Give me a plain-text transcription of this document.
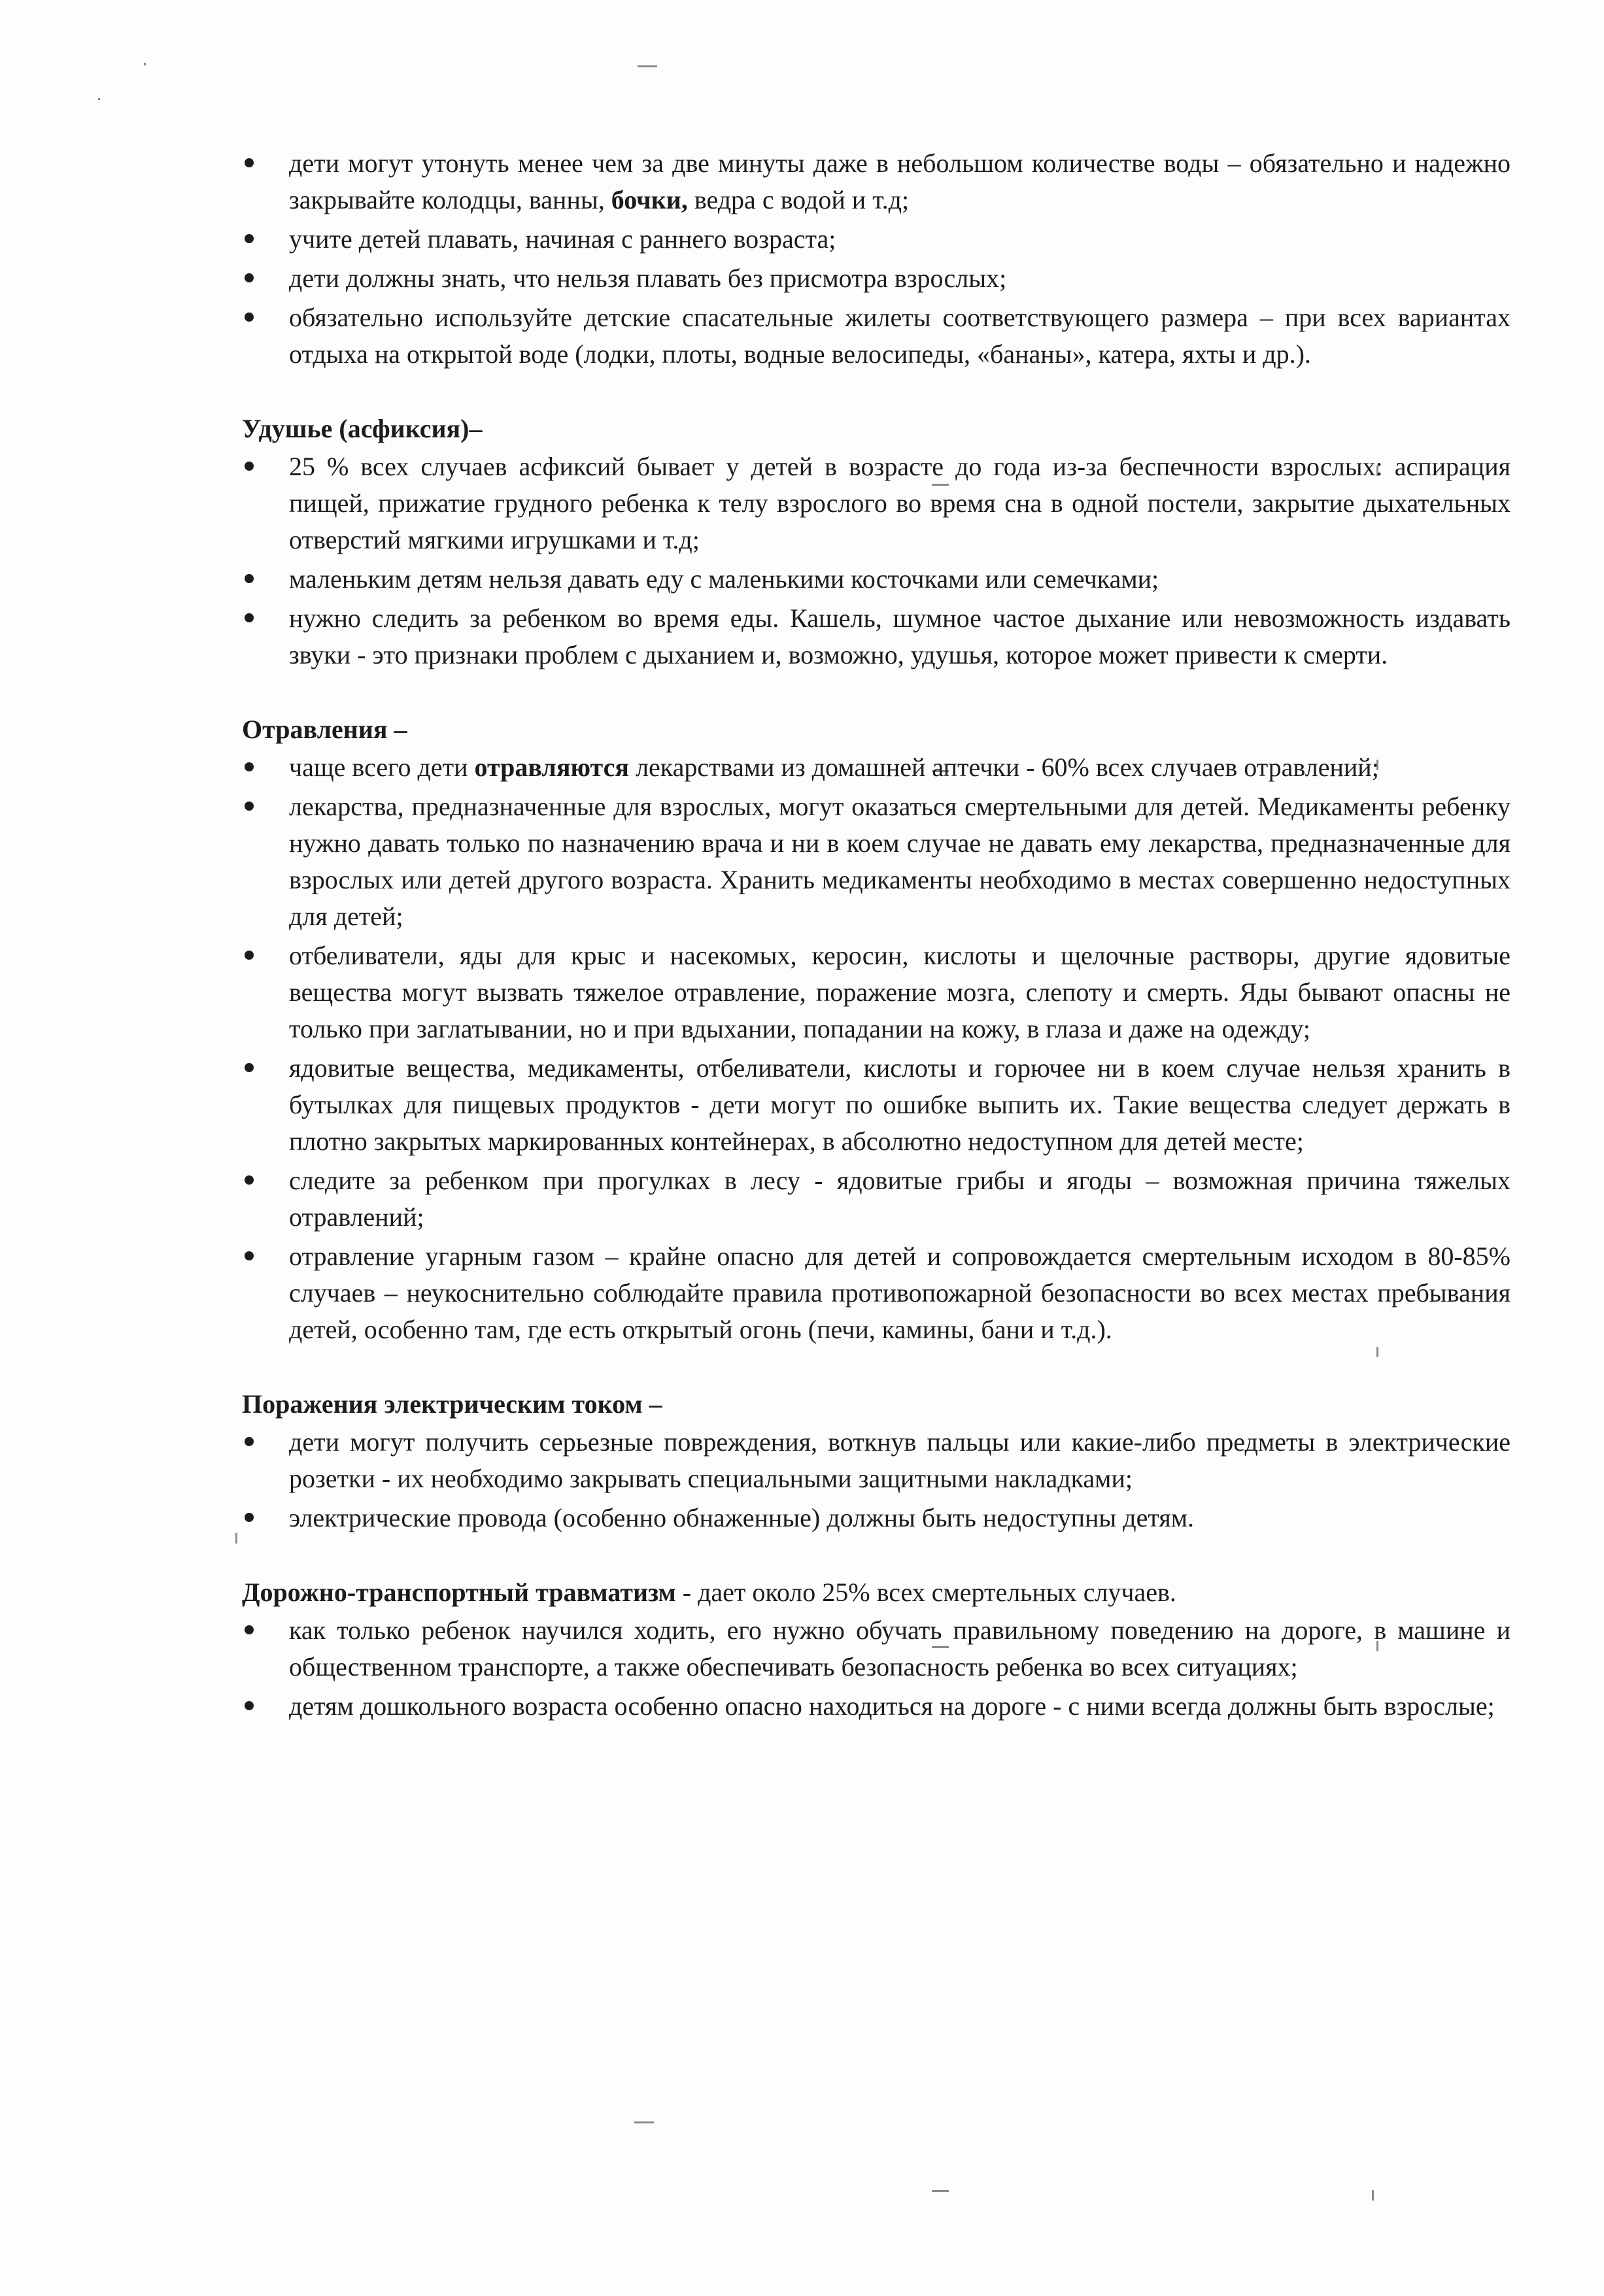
дети могут утонуть менее чем за две минуты даже в небольшом количестве воды – обязательно и надежно закрывайте колодцы, ванны, бочки, ведра с водой и т.д;
учите детей плавать, начиная с раннего возраста;
дети должны знать, что нельзя плавать без присмотра взрослых;
обязательно используйте детские спасательные жилеты соответствующего размера – при всех вариантах отдыха на открытой воде (лодки, плоты, водные велосипеды, «бананы», катера, яхты и др.).
Удушье (асфиксия)–
25 % всех случаев асфиксий бывает у детей в возрасте до года из-за беспечности взрослых: аспирация пищей, прижатие грудного ребенка к телу взрослого во время сна в одной постели, закрытие дыхательных отверстий мягкими игрушками и т.д;
маленьким детям нельзя давать еду с маленькими косточками или семечками;
нужно следить за ребенком во время еды. Кашель, шумное частое дыхание или невозможность издавать звуки - это признаки проблем с дыханием и, возможно, удушья, которое может привести к смерти.
Отравления –
чаще всего дети отравляются лекарствами из домашней аптечки - 60% всех случаев отравлений;
лекарства, предназначенные для взрослых, могут оказаться смертельными для детей. Медикаменты ребенку нужно давать только по назначению врача и ни в коем случае не давать ему лекарства, предназначенные для взрослых или детей другого возраста. Хранить медикаменты необходимо в местах совершенно недоступных для детей;
отбеливатели, яды для крыс и насекомых, керосин, кислоты и щелочные растворы, другие ядовитые вещества могут вызвать тяжелое отравление, поражение мозга, слепоту и смерть. Яды бывают опасны не только при заглатывании, но и при вдыхании, попадании на кожу, в глаза и даже на одежду;
ядовитые вещества, медикаменты, отбеливатели, кислоты и горючее ни в коем случае нельзя хранить в бутылках для пищевых продуктов - дети могут по ошибке выпить их. Такие вещества следует держать в плотно закрытых маркированных контейнерах, в абсолютно недоступном для детей месте;
следите за ребенком при прогулках в лесу - ядовитые грибы и ягоды – возможная причина тяжелых отравлений;
отравление угарным газом – крайне опасно для детей и сопровождается смертельным исходом в 80-85% случаев – неукоснительно соблюдайте правила противопожарной безопасности во всех местах пребывания детей, особенно там, где есть открытый огонь (печи, камины, бани и т.д.).
Поражения электрическим током –
дети могут получить серьезные повреждения, воткнув пальцы или какие-либо предметы в электрические розетки - их необходимо закрывать специальными защитными накладками;
электрические провода (особенно обнаженные) должны быть недоступны детям.
Дорожно-транспортный травматизм - дает около 25% всех смертельных случаев.
как только ребенок научился ходить, его нужно обучать правильному поведению на дороге, в машине и общественном транспорте, а также обеспечивать безопасность ребенка во всех ситуациях;
детям дошкольного возраста особенно опасно находиться на дороге - с ними всегда должны быть взрослые;
